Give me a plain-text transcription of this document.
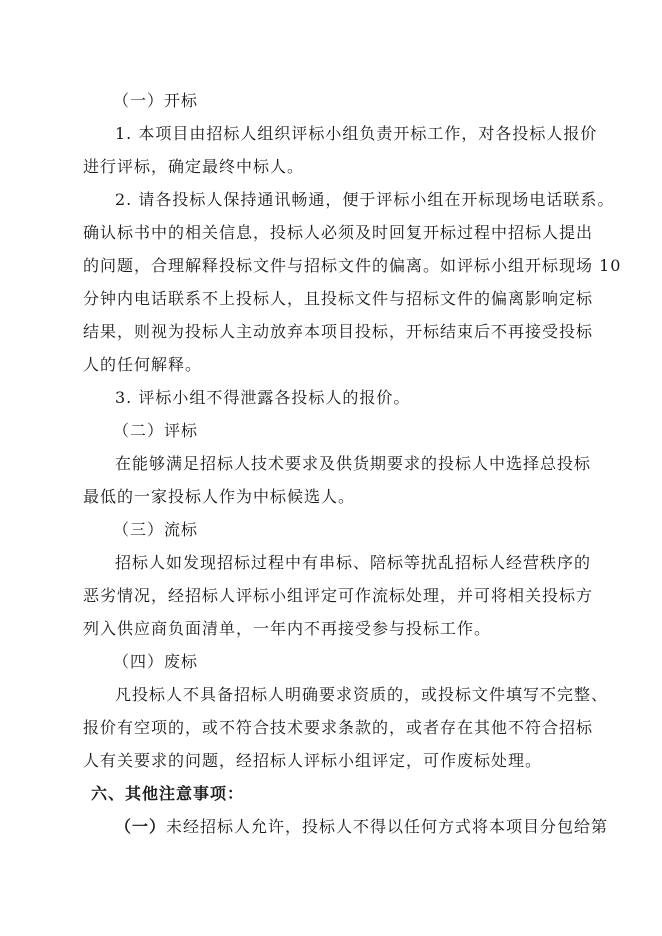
（一）开标
1. 本项目由招标人组织评标小组负责开标工作，对各投标人报价
进行评标，确定最终中标人。
2. 请各投标人保持通讯畅通，便于评标小组在开标现场电话联系。
确认标书中的相关信息，投标人必须及时回复开标过程中招标人提出
的问题，合理解释投标文件与招标文件的偏离。如评标小组开标现场 10
分钟内电话联系不上投标人，且投标文件与招标文件的偏离影响定标
结果，则视为投标人主动放弃本项目投标，开标结束后不再接受投标
人的任何解释。
3. 评标小组不得泄露各投标人的报价。
（二）评标
在能够满足招标人技术要求及供货期要求的投标人中选择总投标
最低的一家投标人作为中标候选人。
（三）流标
招标人如发现招标过程中有串标、陪标等扰乱招标人经营秩序的
恶劣情况，经招标人评标小组评定可作流标处理，并可将相关投标方
列入供应商负面清单，一年内不再接受参与投标工作。
（四）废标
凡投标人不具备招标人明确要求资质的，或投标文件填写不完整、
报价有空项的，或不符合技术要求条款的，或者存在其他不符合招标
人有关要求的问题，经招标人评标小组评定，可作废标处理。
六、其他注意事项：
（一）未经招标人允许，投标人不得以任何方式将本项目分包给第
